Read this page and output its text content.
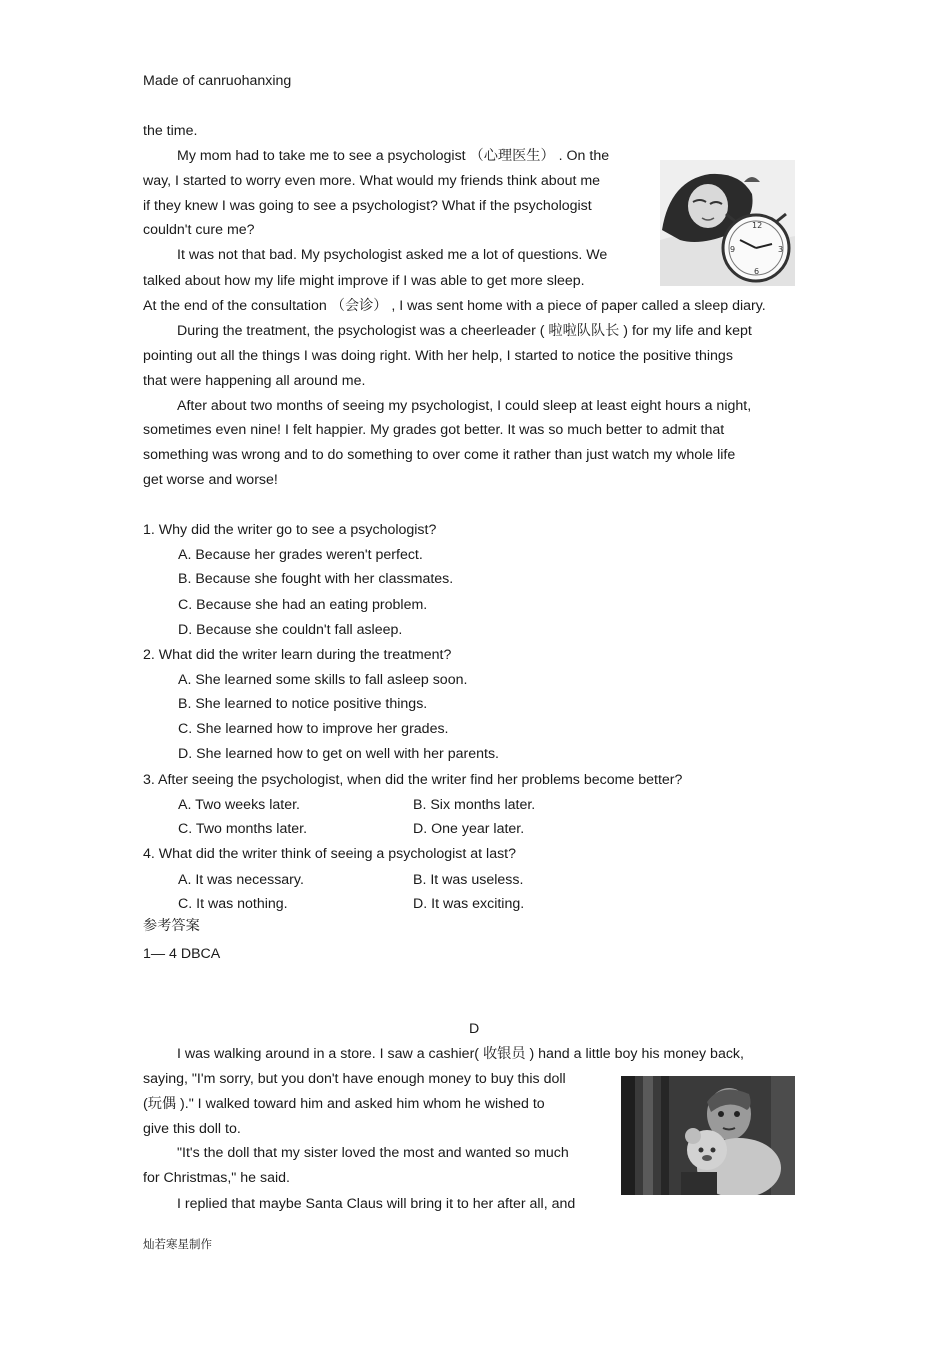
Made of canruohanxing
the time.
My mom had to take me to see a psychologist （心理医生） . On the
way, I started to worry even more. What would my friends think about me
if they knew I was going to see a psychologist? What if the psychologist
couldn't cure me?
It was not that bad. My psychologist asked me a lot of questions. We
talked about how my life might improve if I was able to get more sleep.
At the end of the consultation （会诊） , I was sent home with a piece of paper called a sleep diary.
During the treatment, the psychologist was a cheerleader ( 啦啦队队长 ) for my life and kept
pointing out all the things I was doing right. With her help, I started to notice the positive things
that were happening all around me.
After about two months of seeing my psychologist, I could sleep at least eight hours a night,
sometimes even nine! I felt happier. My grades got better. It was so much better to admit that
something was wrong and to do something to over come it rather than just watch my whole life
get worse and worse!
12
3
6
9
1. Why did the writer go to see a psychologist?
A. Because her grades weren't perfect.
B. Because she fought with her classmates.
C. Because she had an eating problem.
D. Because she couldn't fall asleep.
2. What did the writer learn during the treatment?
A. She learned some skills to fall asleep soon.
B. She learned to notice positive things.
C. She learned how to improve her grades.
D. She learned how to get on well with her parents.
3. After seeing the psychologist, when did the writer find her problems become better?
A. Two weeks later.	B. Six months later.
C. Two months later.	D. One year later.
4. What did the writer think of seeing a psychologist at last?
A. It was necessary.	B. It was useless.
C. It was nothing.	D. It was exciting.
参考答案
1— 4 DBCA
D
I was walking around in a store. I saw a cashier( 收银员 ) hand a little boy his money back,
saying, "I'm sorry, but you don't have enough money to buy this doll
(玩偶 )." I walked toward him and asked him whom he wished to
give this doll to.
"It's the doll that my sister loved the most and wanted so much
for Christmas," he said.
I replied that maybe Santa Claus will bring it to her after all, and
灿若寒星制作
